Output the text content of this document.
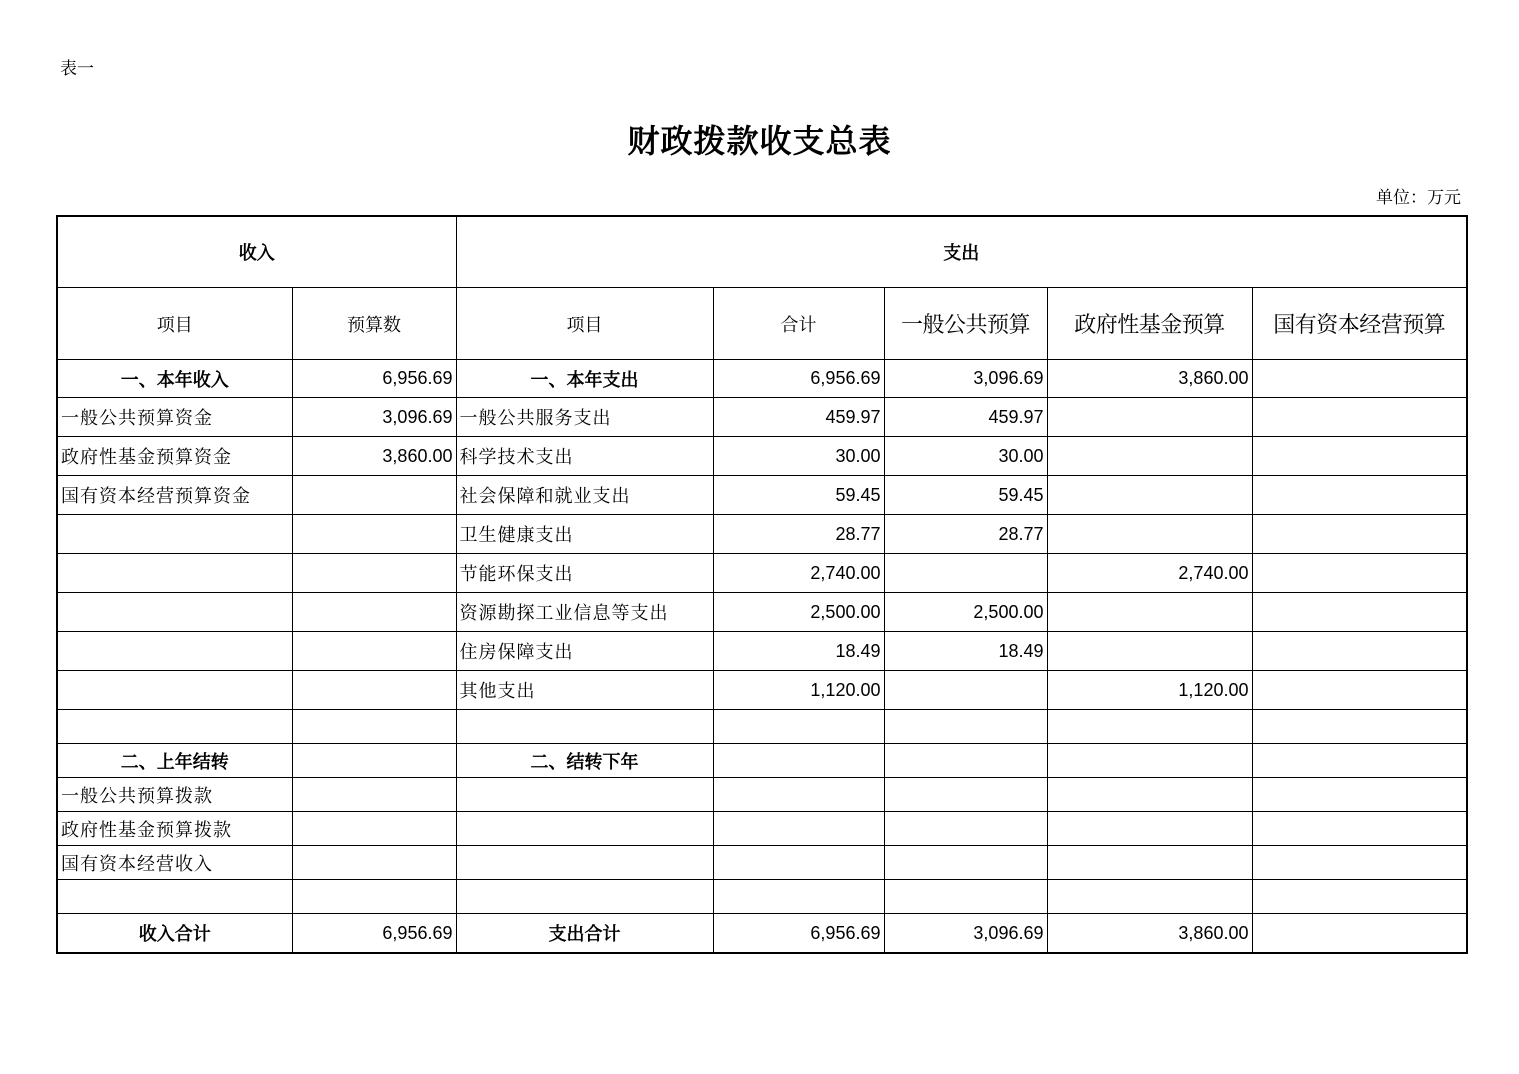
表一
财政拨款收支总表
单位：万元
收入		支出				
项目	预算数	项目	合计	一般公共预算	政府性基金预算	国有资本经营预算
一、本年收入	6,956.69	一、本年支出	6,956.69	3,096.69	3,860.00	
一般公共预算资金	3,096.69	一般公共服务支出	459.97	459.97		
政府性基金预算资金	3,860.00	科学技术支出	30.00	30.00		
国有资本经营预算资金		社会保障和就业支出	59.45	59.45		
		卫生健康支出	28.77	28.77		
		节能环保支出	2,740.00		2,740.00	
		资源勘探工业信息等支出	2,500.00	2,500.00		
		住房保障支出	18.49	18.49		
		其他支出	1,120.00		1,120.00	

二、上年结转		二、结转下年				
一般公共预算拨款						
政府性基金预算拨款						
国有资本经营收入						

收入合计	6,956.69	支出合计	6,956.69	3,096.69	3,860.00	
